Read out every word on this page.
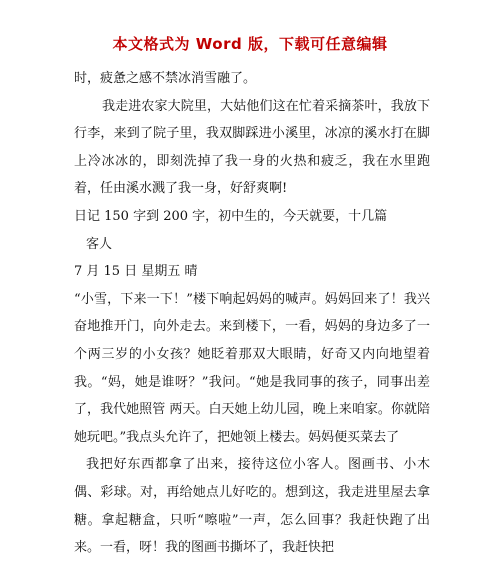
本文格式为 Word 版，下载可任意编辑

时，疲惫之感不禁冰消雪融了。

我走进农家大院里，大姑他们这在忙着采摘茶叶，我放下行李，来到了院子里，我双脚踩进小溪里，冰凉的溪水打在脚上冷冰冰的，即刻洗掉了我一身的火热和疲乏，我在水里跑着，任由溪水溅了我一身，好舒爽啊!

日记 150 字到 200 字，初中生的，今天就要，十几篇

客人

7 月 15 日 星期五 晴

“小雪，下来一下！”楼下响起妈妈的喊声。妈妈回来了！我兴奋地推开门，向外走去。来到楼下，一看，妈妈的身边多了一个两三岁的小女孩？她眨着那双大眼睛，好奇又内向地望着我。“妈，她是谁呀？”我问。“她是我同事的孩子，同事出差了，我代她照管 两天。白天她上幼儿园，晚上来咱家。你就陪她玩吧。”我点头允许了，把她领上楼去。妈妈便买菜去了

我把好东西都拿了出来，接待这位小客人。图画书、小木偶、彩球。对，再给她点儿好吃的。想到这，我走进里屋去拿糖。拿起糖盒，只听“嚓啦”一声，怎么回事？我赶快跑了出来。一看，呀！我的图画书撕坏了，我赶快把
